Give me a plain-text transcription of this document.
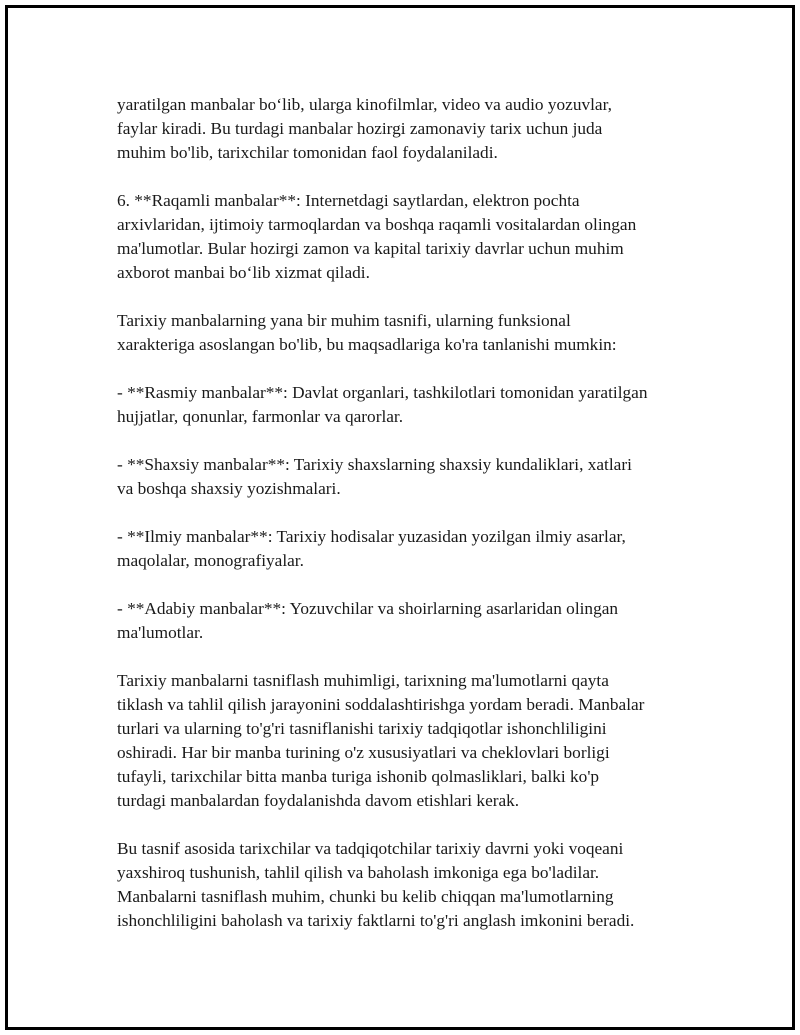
yaratilgan manbalar bo‘lib, ularga kinofilmlar, video va audio yozuvlar,
faylar kiradi. Bu turdagi manbalar hozirgi zamonaviy tarix uchun juda
muhim bo'lib, tarixchilar tomonidan faol foydalaniladi.

6. **Raqamli manbalar**: Internetdagi saytlardan, elektron pochta
arxivlaridan, ijtimoiy tarmoqlardan va boshqa raqamli vositalardan olingan
ma'lumotlar. Bular hozirgi zamon va kapital tarixiy davrlar uchun muhim
axborot manbai bo‘lib xizmat qiladi.

Tarixiy manbalarning yana bir muhim tasnifi, ularning funksional
xarakteriga asoslangan bo'lib, bu maqsadlariga ko'ra tanlanishi mumkin:

- **Rasmiy manbalar**: Davlat organlari, tashkilotlari tomonidan yaratilgan
hujjatlar, qonunlar, farmonlar va qarorlar.

- **Shaxsiy manbalar**: Tarixiy shaxslarning shaxsiy kundaliklari, xatlari
va boshqa shaxsiy yozishmalari.

- **Ilmiy manbalar**: Tarixiy hodisalar yuzasidan yozilgan ilmiy asarlar,
maqolalar, monografiyalar.

- **Adabiy manbalar**: Yozuvchilar va shoirlarning asarlaridan olingan
ma'lumotlar.

Tarixiy manbalarni tasniflash muhimligi, tarixning ma'lumotlarni qayta
tiklash va tahlil qilish jarayonini soddalashtirishga yordam beradi. Manbalar
turlari va ularning to'g'ri tasniflanishi tarixiy tadqiqotlar ishonchliligini
oshiradi. Har bir manba turining o'z xususiyatlari va cheklovlari borligi
tufayli, tarixchilar bitta manba turiga ishonib qolmasliklari, balki ko'p
turdagi manbalardan foydalanishda davom etishlari kerak.

Bu tasnif asosida tarixchilar va tadqiqotchilar tarixiy davrni yoki voqeani
yaxshiroq tushunish, tahlil qilish va baholash imkoniga ega bo'ladilar.
Manbalarni tasniflash muhim, chunki bu kelib chiqqan ma'lumotlarning
ishonchliligini baholash va tarixiy faktlarni to'g'ri anglash imkonini beradi.
